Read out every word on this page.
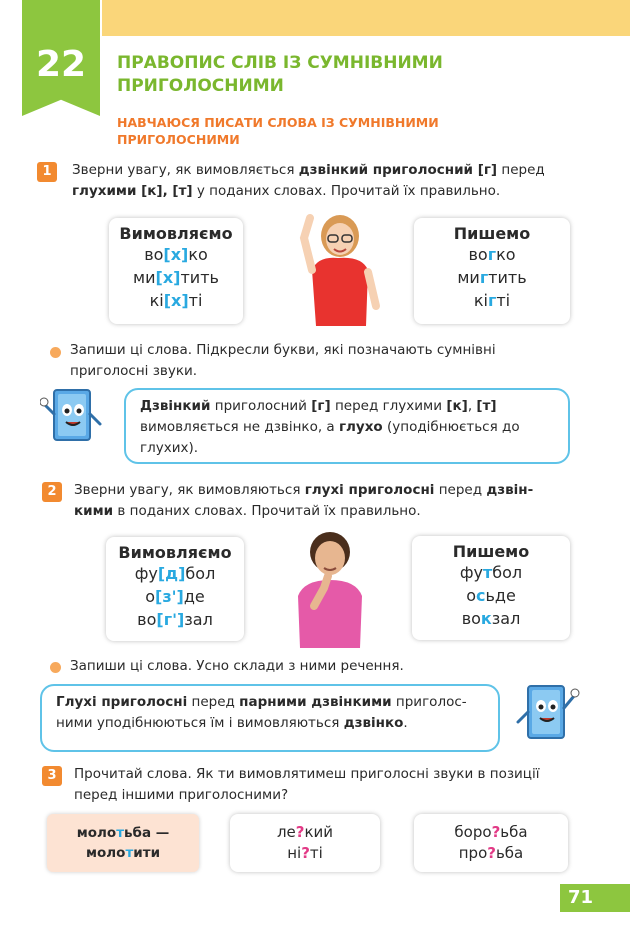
22	ПРАВОПИС СЛІВ ІЗ СУМНІВНИМИ ПРИГОЛОСНИМИ
НАВЧАЮСЯ ПИСАТИ СЛОВА ІЗ СУМНІВНИМИ ПРИГОЛОСНИМИ
1	Зверни увагу, як вимовляється дзвінкий приголосний [г] перед
глухими [к], [т] у поданих словах. Прочитай їх правильно.
Вимовляємо
во[х]ко
ми[х]тить
кі[х]ті
Пишемо
вогко
мигтить
кігті
Запиши ці слова. Підкресли букви, які позначають сумнівні
приголосні звуки.
Дзвінкий приголосний [г] перед глухими [к], [т] вимовляється не дзвінко, а глухо (уподібнюється до глухих).
2	Зверни увагу, як вимовляються глухі приголосні перед дзвін-
кими в поданих словах. Прочитай їх правильно.
Вимовляємо
фу[д]бол
о[з']де
во[г']зал
Пишемо
футбол
осьде
вокзал
Запиши ці слова. Усно склади з ними речення.
Глухі приголосні перед парними дзвінкими приголос-
ними уподібнюються їм і вимовляються дзвінко.
3	Прочитай слова. Як ти вимовлятимеш приголосні звуки в позиції
перед іншими приголосними?
молотьба —
молотити
ле?кий
ні?ті
боро?ьба
про?ьба
71
